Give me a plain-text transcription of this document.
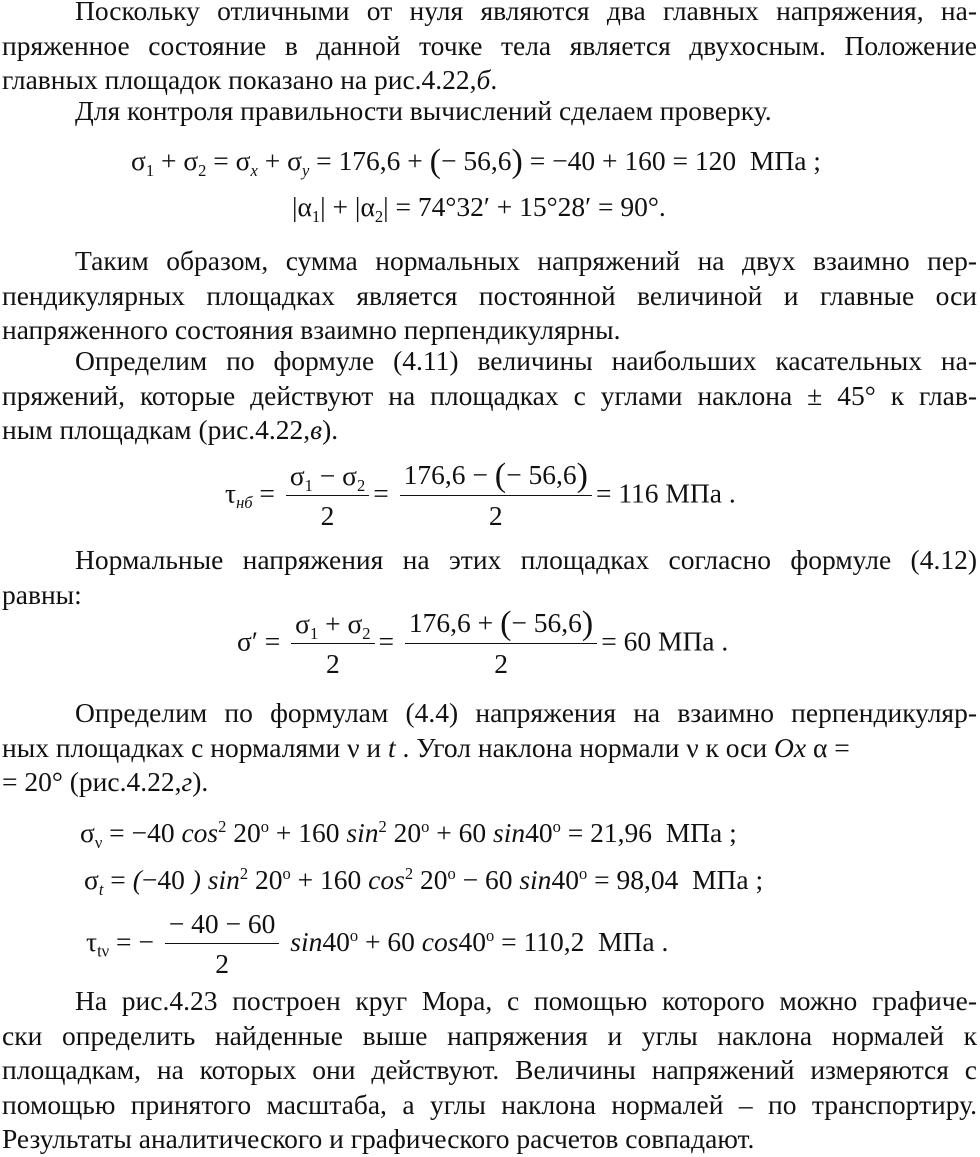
Поскольку отличными от нуля являются два главных напряжения, на-
пряженное состояние в данной точке тела является двухосным. Положение
главных площадок показано на рис.4.22,б.
Для контроля правильности вычислений сделаем проверку.
$\sigma_1 + \sigma_2 = \sigma_x + \sigma_y = 176,6$ + (− 56,6) = −40 + 160 = 120  МПа ;
$|\alpha_1| + |\alpha_2| = 74^\circ 32' + 15^\circ 28' = 90^\circ$.
Таким образом, сумма нормальных напряжений на двух взаимно пер-
пендикулярных площадках является постоянной величиной и главные оси
напряженного состояния взаимно перпендикулярны.
Определим по формуле (4.11) величины наибольших касательных на-
пряжений, которые действуют на площадках с углами наклона ± 45° к глав-
ным площадкам (рис.4.22,в).
$\tau_{нб} = \frac{\sigma_1 - \sigma_2}{2} = \frac{176,6 - (- 56,6)}{2} = 116$ МПа .
Нормальные напряжения на этих площадках согласно формуле (4.12)
равны:
$\sigma' = \frac{\sigma_1 + \sigma_2}{2} = \frac{176,6 + (- 56,6)}{2} = 60$ МПа .
Определим по формулам (4.4) напряжения на взаимно перпендикуляр-
ных площадках с нормалями ν и t . Угол наклона нормали ν к оси Ox α =
= 20° (рис.4.22,г).
$\sigma_\nu = -40$ $\cos^2 20^o + 160$ $\sin^2 20^o + 60$ $\sin 40^o = 21,96$  МПа ;
$\sigma_t = (-40$ ) $\sin^2 20^o + 160$ $\cos^2 20^o - 60$ $\sin 40^o = 98,04$  МПа ;
$\tau_{t\nu}$ = − $\frac{- 40 - 60}{2} \sin 40^o + 60$ $\cos 40^o = 110,2$  МПа .
На рис.4.23 построен круг Мора, с помощью которого можно графиче-
ски определить найденные выше напряжения и углы наклона нормалей к
площадкам, на которых они действуют. Величины напряжений измеряются с
помощью принятого масштаба, а углы наклона нормалей – по транспортиру.
Результаты аналитического и графического расчетов совпадают.
